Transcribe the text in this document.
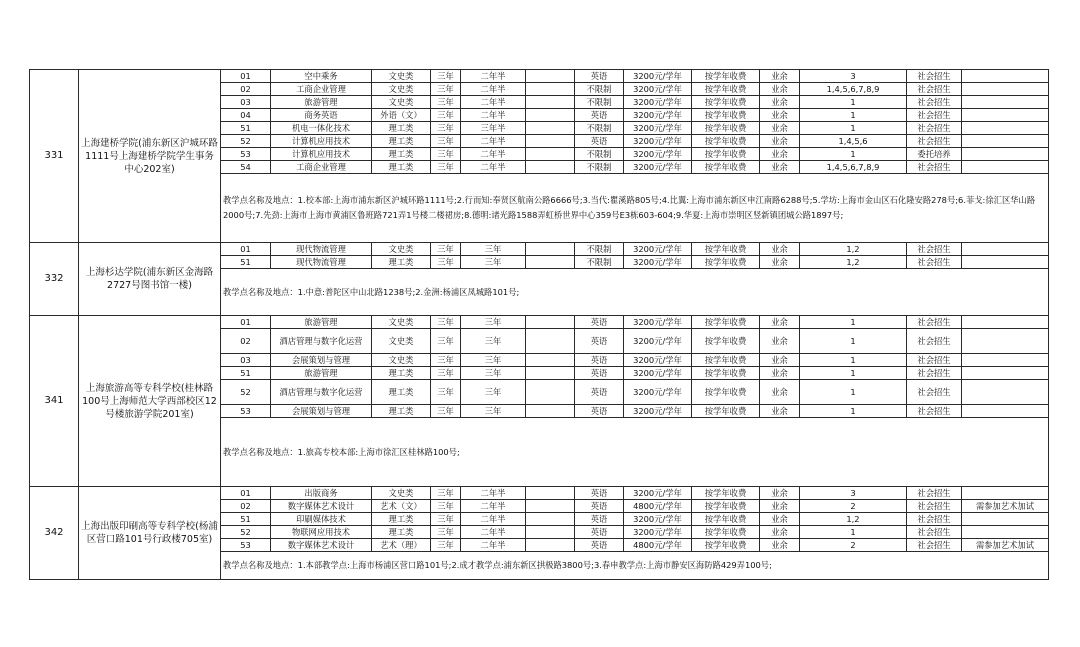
331	上海建桥学院(浦东新区沪城环路1111号上海建桥学院学生事务中心202室)	01	空中乘务	文史类	三年	二年半		英语	3200元/学年	按学年收费	业余	3	社会招生	
		02	工商企业管理	文史类	三年	二年半		不限制	3200元/学年	按学年收费	业余	1,4,5,6,7,8,9	社会招生	
		03	旅游管理	文史类	三年	二年半		不限制	3200元/学年	按学年收费	业余	1	社会招生	
		04	商务英语	外语（文）	三年	二年半		英语	3200元/学年	按学年收费	业余	1	社会招生	
		51	机电一体化技术	理工类	三年	三年半		不限制	3200元/学年	按学年收费	业余	1	社会招生	
		52	计算机应用技术	理工类	三年	二年半		英语	3200元/学年	按学年收费	业余	1,4,5,6	社会招生	
		53	计算机应用技术	理工类	三年	二年半		不限制	3200元/学年	按学年收费	业余	1	委托培养	
		54	工商企业管理	理工类	三年	二年半		不限制	3200元/学年	按学年收费	业余	1,4,5,6,7,8,9	社会招生	
		教学点名称及地点：1.校本部:上海市浦东新区沪城环路1111号;2.行而知:奉贤区航南公路6666号;3.当代:瞿溪路805号;4.比翼:上海市浦东新区申江南路6288号;5.学坊:上海市金山区石化隆安路278号;6.菲戈:徐汇区华山路2000号;7.先劲:上海市上海市黄浦区鲁班路721弄1号楼二楼裙房;8.德明:诸光路1588弄虹桥世界中心359号E3栋603-604;9.华夏:上海市崇明区竖新镇团城公路1897号;												
332	上海杉达学院(浦东新区金海路2727号图书馆一楼)	01	现代物流管理	文史类	三年	三年		不限制	3200元/学年	按学年收费	业余	1,2	社会招生	
		51	现代物流管理	理工类	三年	三年		不限制	3200元/学年	按学年收费	业余	1,2	社会招生	
		教学点名称及地点：1.中意:普陀区中山北路1238号;2.金洲:杨浦区凤城路101号;												
341	上海旅游高等专科学校(桂林路100号上海师范大学西部校区12号楼旅游学院201室)	01	旅游管理	文史类	三年	三年		英语	3200元/学年	按学年收费	业余	1	社会招生	
		02	酒店管理与数字化运营	文史类	三年	三年		英语	3200元/学年	按学年收费	业余	1	社会招生	
		03	会展策划与管理	文史类	三年	三年		英语	3200元/学年	按学年收费	业余	1	社会招生	
		51	旅游管理	理工类	三年	三年		英语	3200元/学年	按学年收费	业余	1	社会招生	
		52	酒店管理与数字化运营	理工类	三年	三年		英语	3200元/学年	按学年收费	业余	1	社会招生	
		53	会展策划与管理	理工类	三年	三年		英语	3200元/学年	按学年收费	业余	1	社会招生	
		教学点名称及地点：1.旅高专校本部:上海市徐汇区桂林路100号;												
342	上海出版印刷高等专科学校(杨浦区营口路101号行政楼705室)	01	出版商务	文史类	三年	二年半		英语	3200元/学年	按学年收费	业余	3	社会招生	
		02	数字媒体艺术设计	艺术（文）	三年	二年半		英语	4800元/学年	按学年收费	业余	2	社会招生	需参加艺术加试
		51	印刷媒体技术	理工类	三年	二年半		英语	3200元/学年	按学年收费	业余	1,2	社会招生	
		52	物联网应用技术	理工类	三年	二年半		英语	3200元/学年	按学年收费	业余	1	社会招生	
		53	数字媒体艺术设计	艺术（理）	三年	二年半		英语	4800元/学年	按学年收费	业余	2	社会招生	需参加艺术加试
		教学点名称及地点：1.本部教学点:上海市杨浦区营口路101号;2.成才教学点:浦东新区拱极路3800号;3.春申教学点:上海市静安区海防路429弄100号;												
